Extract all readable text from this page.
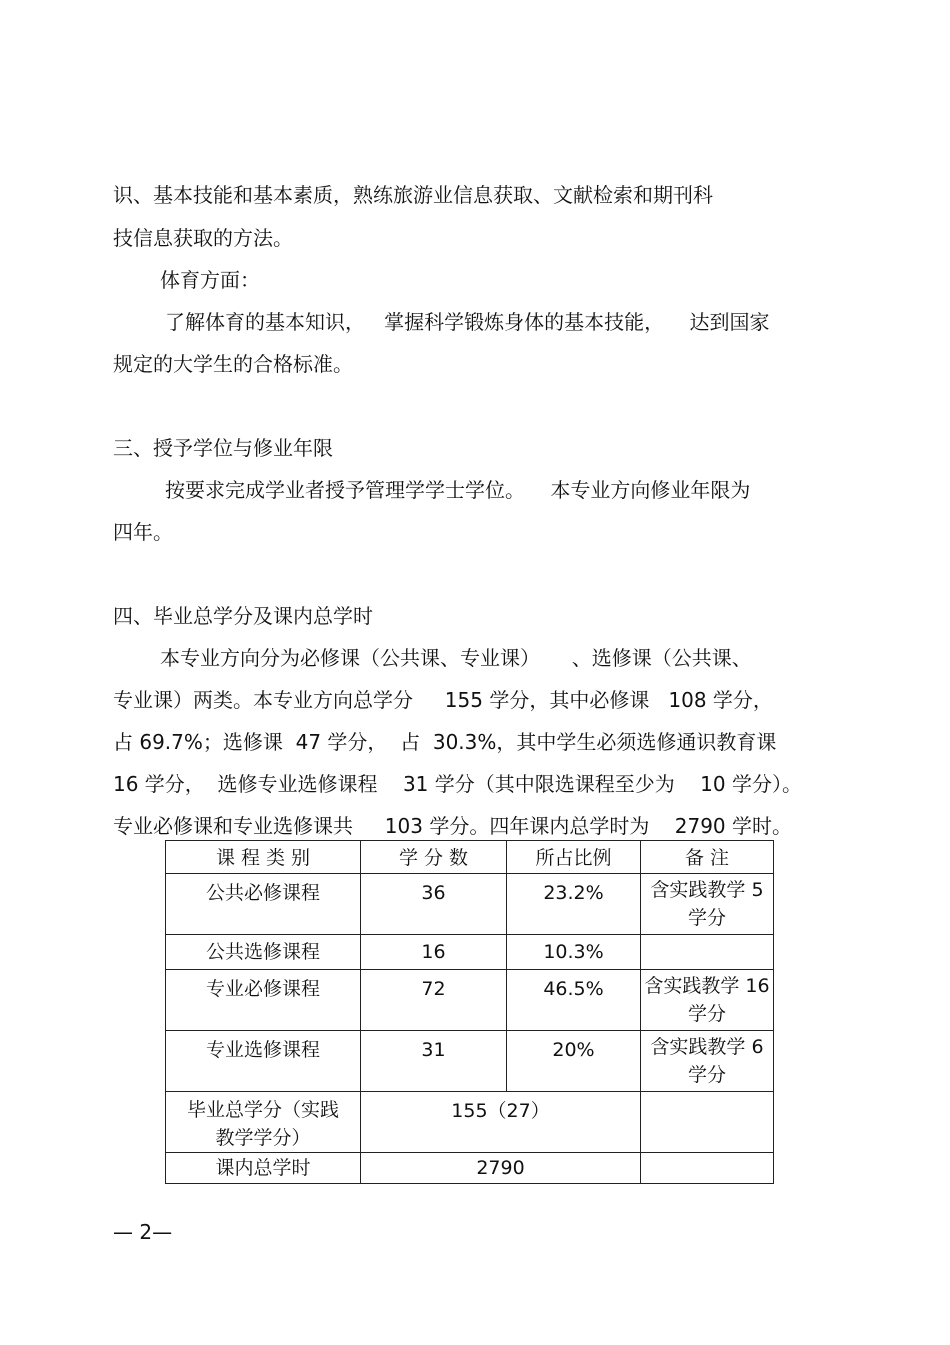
识、基本技能和基本素质，熟练旅游业信息获取、文献检索和期刊科
技信息获取的方法。
体育方面：
了解体育的基本知识，   掌握科学锻炼身体的基本技能，    达到国家
规定的大学生的合格标准。
三、授予学位与修业年限
按要求完成学业者授予管理学学士学位。    本专业方向修业年限为
四年。
四、毕业总学分及课内总学时
本专业方向分为必修课（公共课、专业课）     、选修课（公共课、
专业课）两类。本专业方向总学分     155 学分，其中必修课   108 学分，
占 69.7%；选修课  47 学分，  占  30.3%，其中学生必须选修通识教育课
16 学分，  选修专业选修课程    31 学分（其中限选课程至少为    10 学分）。
专业必修课和专业选修课共     103 学分。四年课内总学时为    2790 学时。
课 程 类 别	学 分 数	所占比例	备 注
公共必修课程	36	23.2%	含实践教学 5 学分
公共选修课程	16	10.3%	
专业必修课程	72	46.5%	含实践教学 16 学分
专业选修课程	31	20%	含实践教学 6 学分
毕业总学分（实践教学学分）	155（27）		
课内总学时	2790		
— 2—
